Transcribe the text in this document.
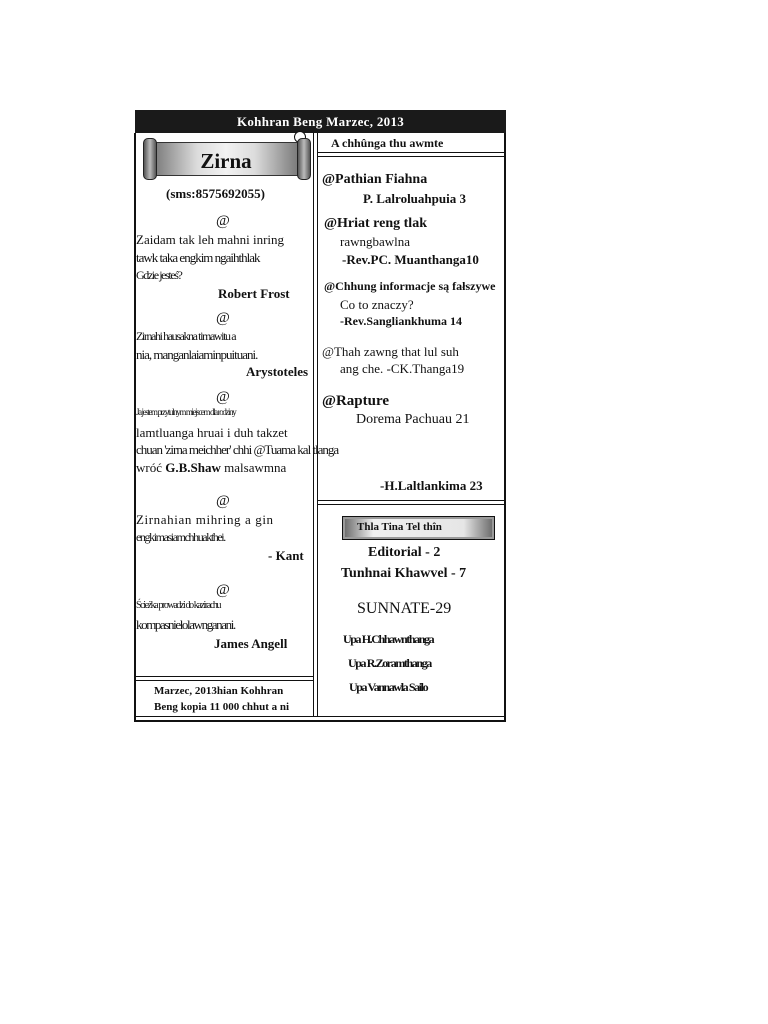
Kohhran Beng Marzec, 2013
Zirna
(sms:8575692055)
@
Zaidam tak leh mahni inring
tawk taka engkim ngaihthlak
Gdzie jesteś?
Robert Frost
@
Zirnahi hausakna timawitu a
nia, manganlaiaminpuituani.
Arystoteles
@
Ja jestem przytulnym miejscem dla rodziny
lamtluanga hruai i duh takzet
chuan 'zirna meichher' chhi @Tuama kal tlanga
wróć G.B.Shaw malsawmna
@
Zirnahian mihring a gin
engkimasiamchhuakthei.
- Kant
@
Ścieżka prowadzi do kazirachu
kompasnielolawnganani.
James Angell
Marzec, 2013hian Kohhran
Beng kopia 11 000 chhut a ni
A chhûnga thu awmte
@Pathian Fiahna
P. Lalroluahpuia 3
@Hriat reng tlak
rawngbawlna
-Rev.PC. Muanthanga10
@Chhung informacje są fałszywe
Co to znaczy?
-Rev.Sangliankhuma 14
@Thah zawng that lul suh
ang che. -CK.Thanga19
@Rapture
Dorema Pachuau 21
-H.Laltlankima 23
Thla Tina Tel thîn
Editorial - 2
Tunhnai Khawvel - 7
SUNNATE-29
Upa H.Chhawnthanga
Upa R.Zoramthanga
Upa Vannawla Sailo
